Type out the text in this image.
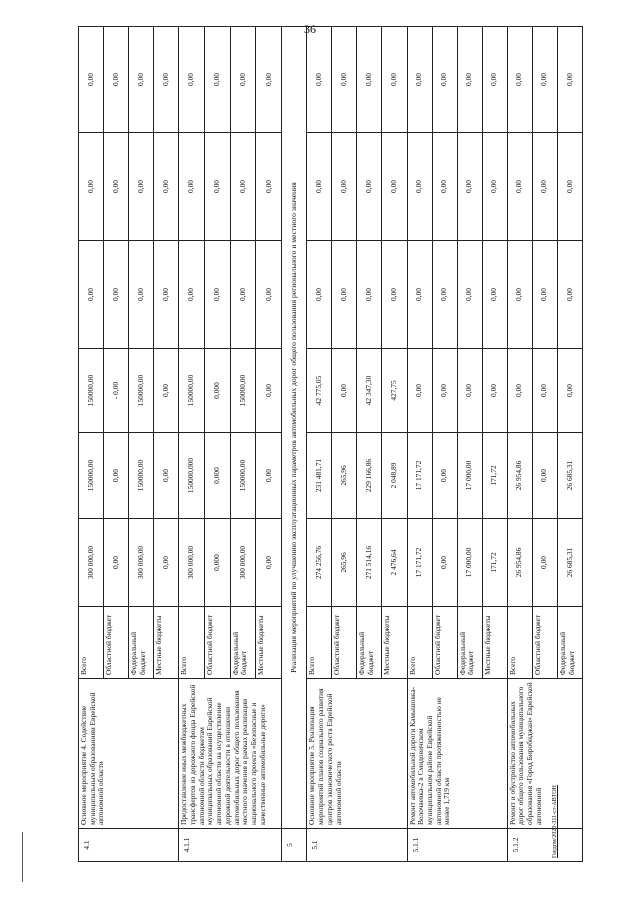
36
4.1	Основное мероприятие 4. Содействие муниципальным образованиям Еврейской автономной области	Всего	300 000,00	150000,00	150000,00	0,00	0,00	0,00
		Областной бюджет	0,00	0,00	- 0,00	0,00	0,00	0,00
		Федеральный бюджет	300 000,00	150000,00	150000,00	0,00	0,00	0,00
		Местные бюджеты	0,00	0,00	0,00	0,00	0,00	0,00
4.1.1	Предоставление иных межбюджетных трансфертов из дорожного фонда Еврейской автономной области бюджетам муниципальных образований Еврейской автономной области на осуществление дорожной деятельности в отношении автомобильных дорог общего пользования местного значения в рамках реализации национального проекта «Безопасные и качественные автомобильные дороги»	Всего	300 000,00	150000,000	150000,00	0,00	0,00	0,00
		Областной бюджет	0,000	0,000	0,000	0,00	0,00	0,00
		Федеральный бюджет	300 000,00	150000,00	150000,00	0,00	0,00	0,00
		Местные бюджеты	0,00	0,00	0,00	0,00	0,00	0,00
5	Реализация мероприятий по улучшению эксплуатационных параметров автомобильных дорог общего пользования регионального и местного значения							
5.1	Основное мероприятие 5. Реализация мероприятий планов социального развития центров экономического роста Еврейской автономной области	Всего	274 256,76	231 481,71	42 775,05	0,00	0,00	0,00
		Областной бюджет	265,96	265,96	0,00	0,00	0,00	0,00
		Федеральный бюджет	271 514,16	229 166,86	42 347,30	0,00	0,00	0,00
		Местные бюджеты	2 476,64	2 048,89	427,75	0,00	0,00	0,00
5.1.1	Ремонт автомобильной дороги Камышовка-Волочаевка-2 в Смидовичском муниципальном районе Еврейской автономной области протяженностью не менее 1,719 км	Всего	17 171,72	17 171,72	0,00	0,00	0,00	0,00
		Областной бюджет	0,00	0,00	0,00	0,00	0,00	0,00
		Федеральный бюджет	17 000,00	17 000,00	0,00	0,00	0,00	0,00
		Местные бюджеты	171,72	171,72	0,00	0,00	0,00	0,00
5.1.2	Ремонт и обустройство автомобильных дорог общего пользования муниципального образования «Город Биробиджан» Еврейской автономной	Всего	26 954,86	26 954,86	0,00	0,00	0,00	0,00
		Областной бюджет	0,00	0,00	0,00	0,00	0,00	0,00
		Федеральный бюджет	26 685,31	26 685,31	0,00	0,00	0,00	0,00
Гоедпм/2020-311-ст-АВТОН
